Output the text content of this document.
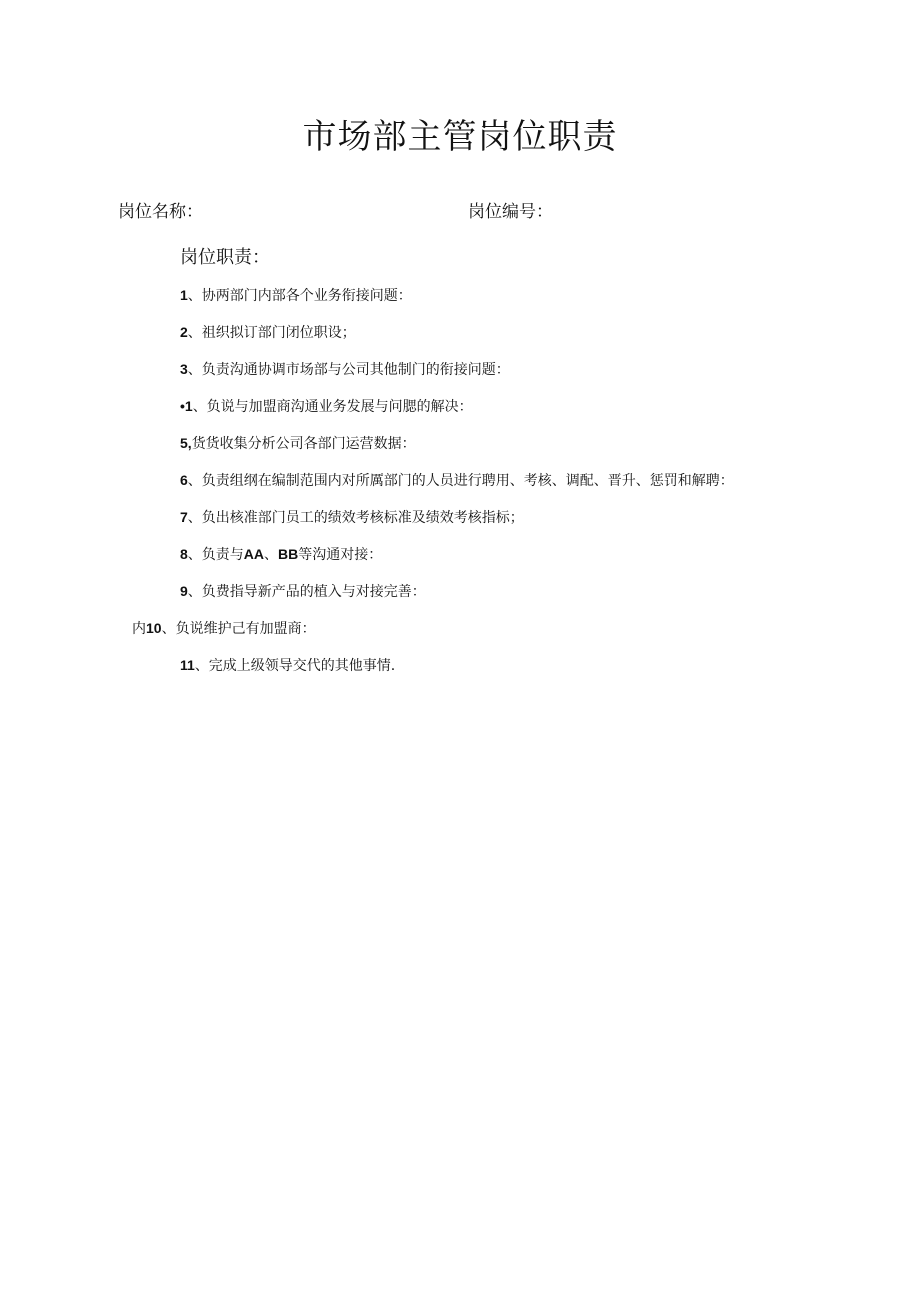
市场部主管岗位职责
岗位名称：	岗位编号：
岗位职责：
1、协两部门内部各个业务衔接问题：
2、祖织拟订部门闭位职设；
3、负责沟通协调市场部与公司其他制门的衔接问题：
•1、负说与加盟商沟通业务发展与问腮的解决：
5,货货收集分析公司各部门运营数据：
6、负责组纲在编制范围内对所厲部门的人员进行聘用、考核、调配、晋升、惩罚和解聘：
7、负出核准部门员工的绩效考核标准及绩效考核指标；
8、负责与AA、BB等沟通对接：
9、负费指导新产品的植入与对接完善：
内10、负说维护己有加盟商：
11、完成上级领导交代的其他事情.
